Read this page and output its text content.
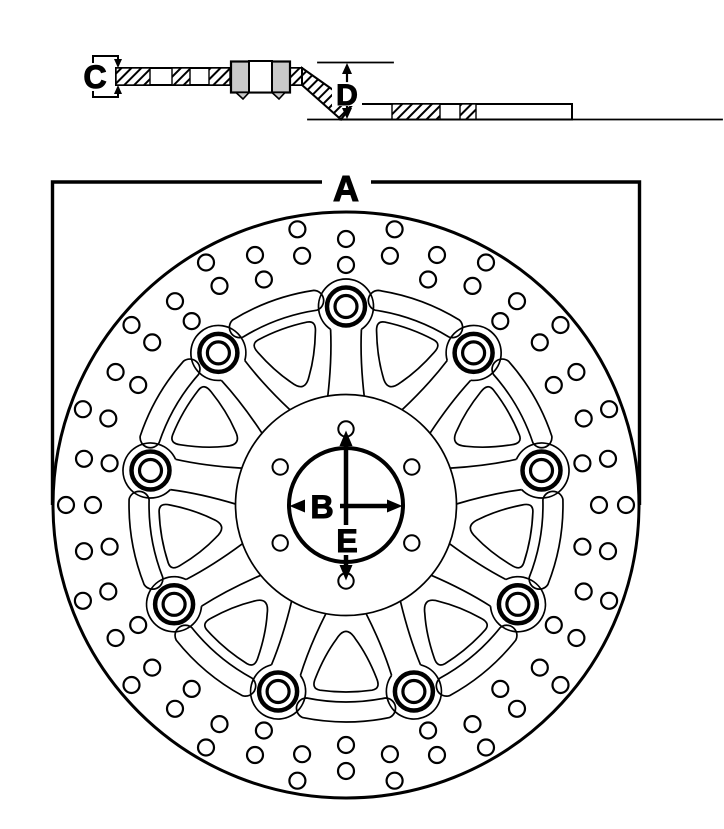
C
D
A
B
E
